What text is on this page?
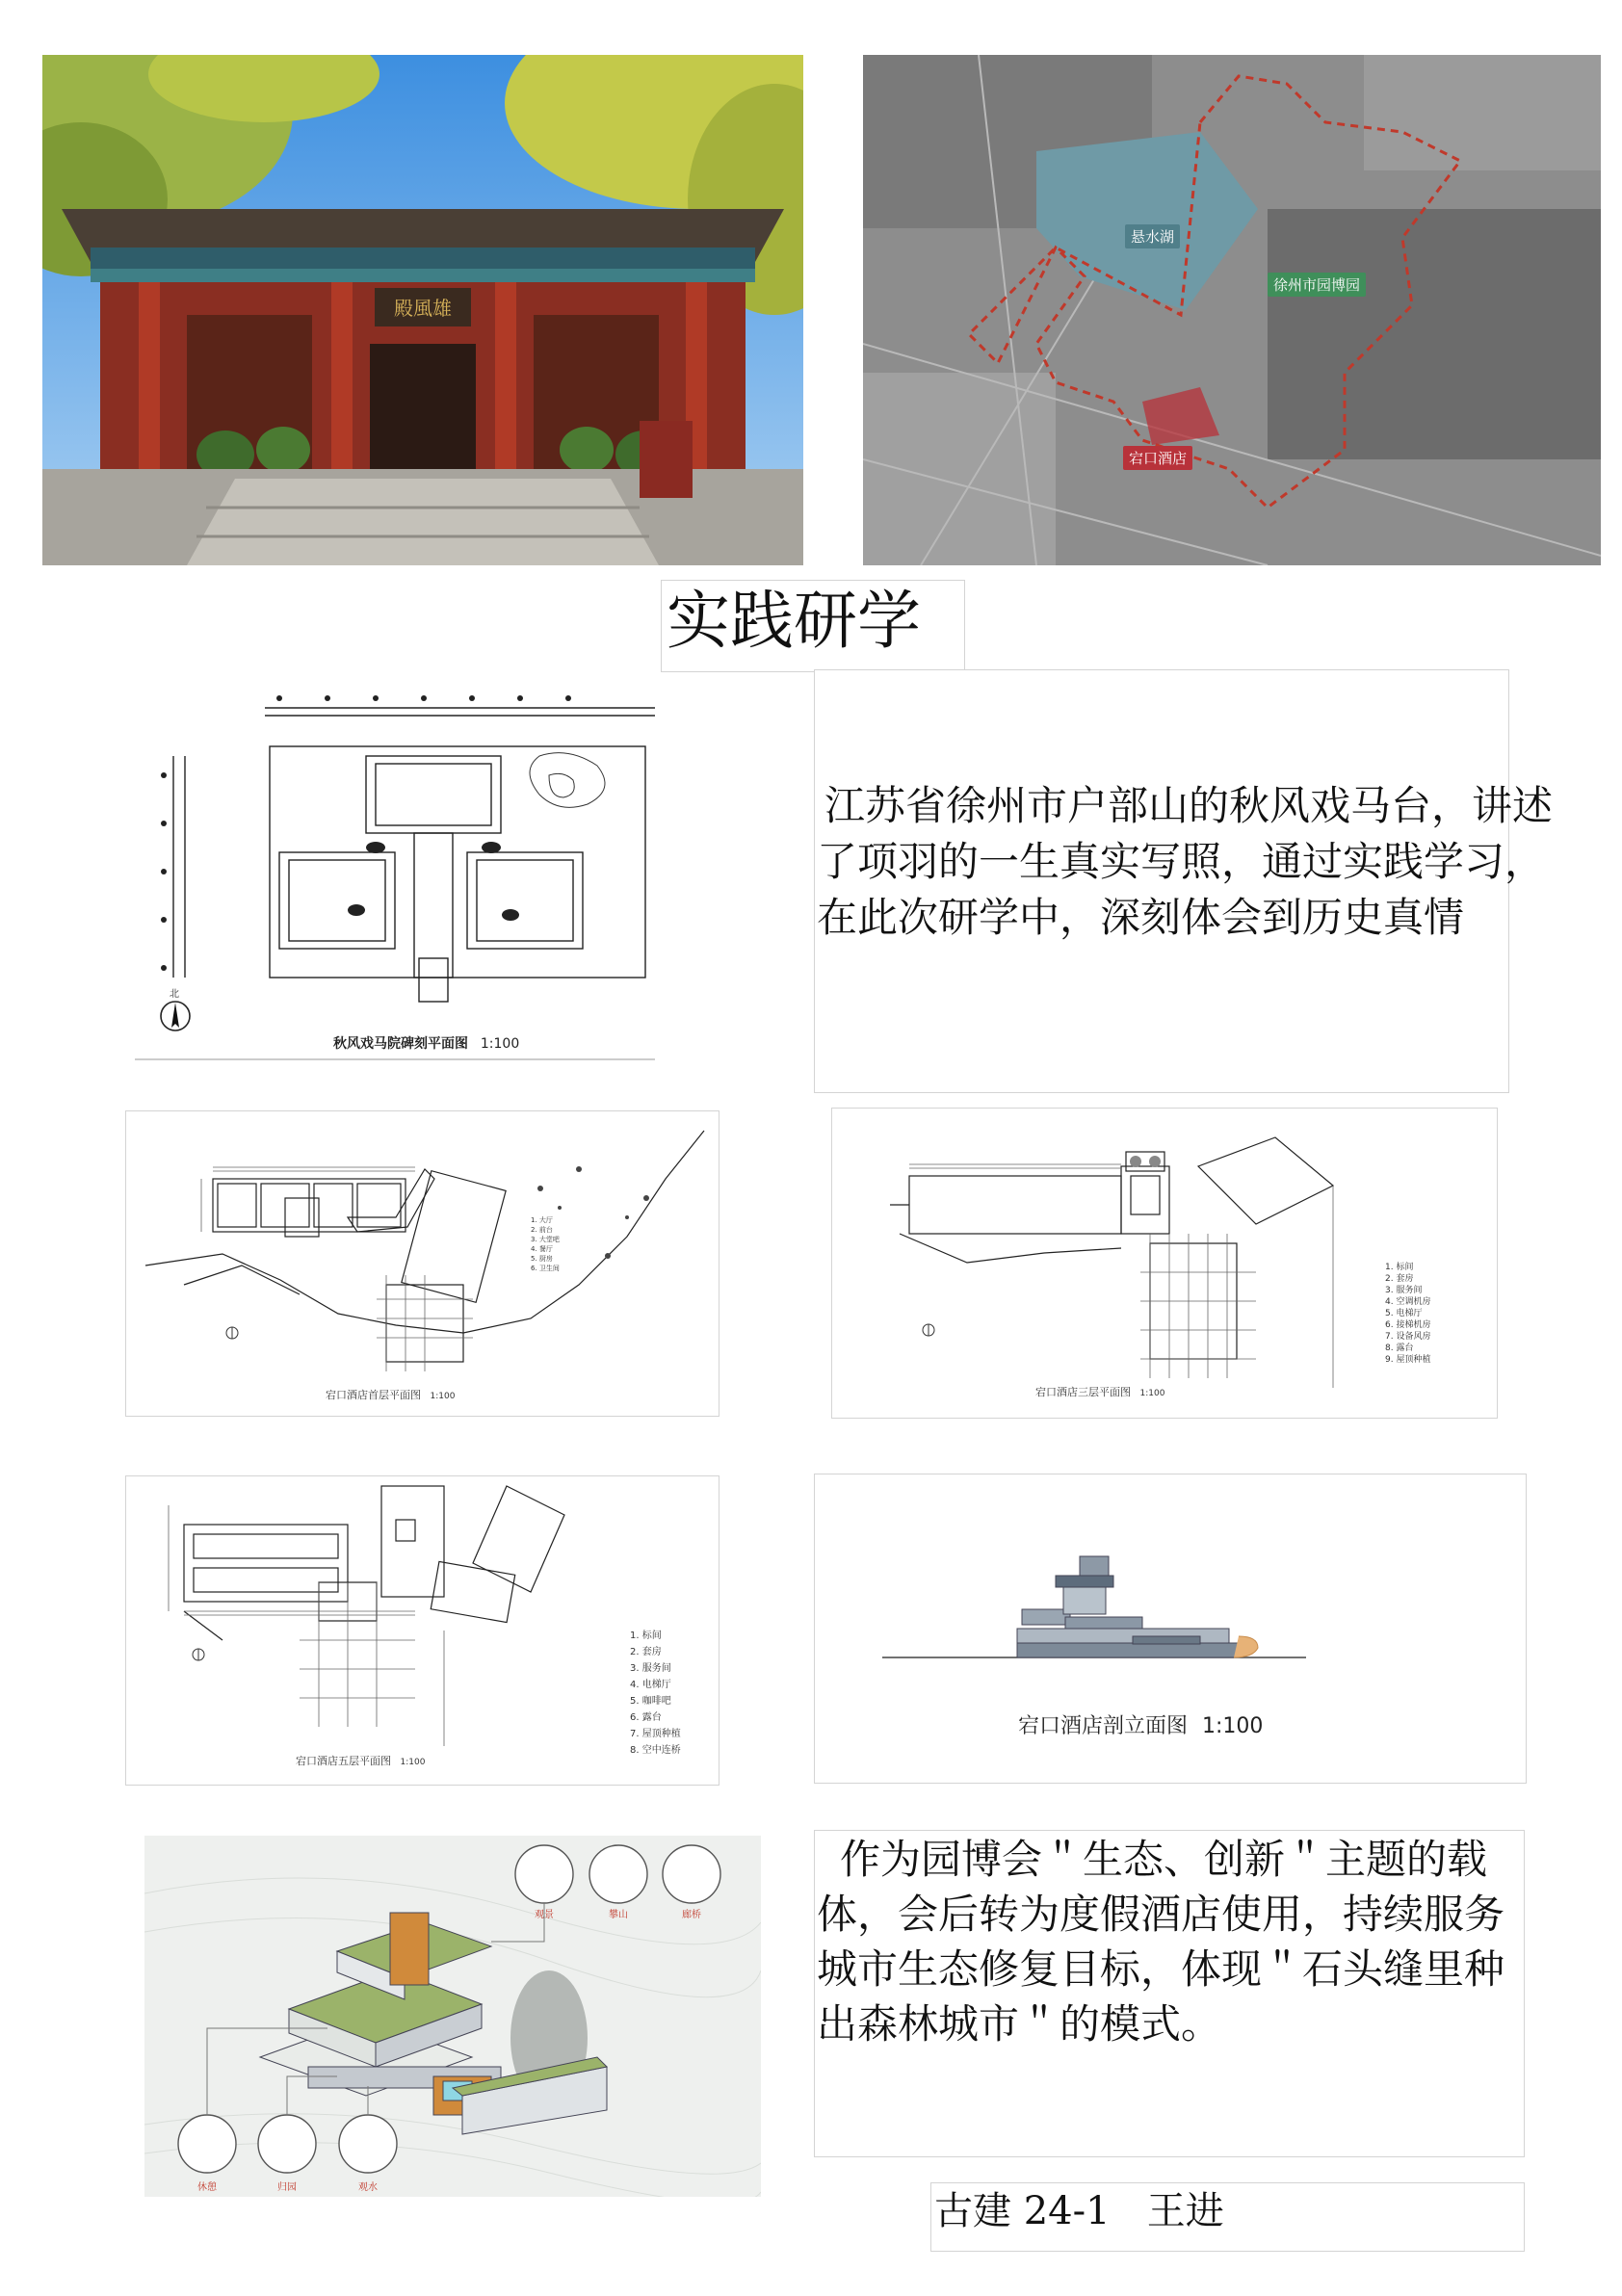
殿風雄
悬水湖
徐州市园博园
宕口酒店
实践研学
北
秋风戏马院碑刻平面图 1:100
江苏省徐州市户部山的秋风戏马台，讲述了项羽的一生真实写照，通过实践学习，在此次研学中，深刻体会到历史真情
1. 大厅
2. 前台
3. 大堂吧
4. 餐厅
5. 厨房
6. 卫生间
宕口酒店首层平面图 1:100
1. 标间
2. 套房
3. 服务间
4. 空调机房
5. 电梯厅
6. 接梯机房
7. 设备风房
8. 露台
9. 屋顶种植
宕口酒店三层平面图 1:100
1. 标间
2. 套房
3. 服务间
4. 电梯厅
5. 咖啡吧
6. 露台
7. 屋顶种植
8. 空中连桥
宕口酒店五层平面图 1:100
宕口酒店剖立面图 1:100
观景	攀山	廊桥
休憩	归园	观水
作为园博会＂生态、创新＂主题的载体，会后转为度假酒店使用，持续服务城市生态修复目标，体现＂石头缝里种出森林城市＂的模式。
古建 24-1   王进
